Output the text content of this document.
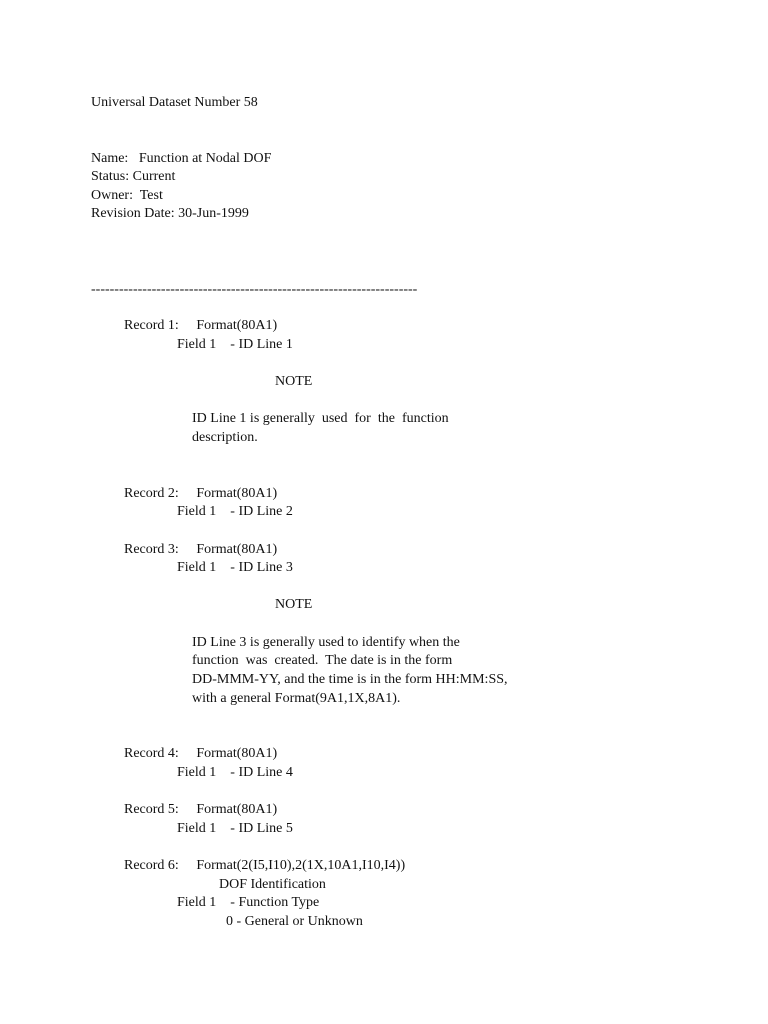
Universal Dataset Number 58
Name:   Function at Nodal DOF
Status: Current
Owner:  Test
Revision Date: 30-Jun-1999
----------------------------------------------------------------------
Record 1:     Format(80A1)
Field 1    - ID Line 1
NOTE
ID Line 1 is generally  used  for  the  function
description.
Record 2:     Format(80A1)
Field 1    - ID Line 2
Record 3:     Format(80A1)
Field 1    - ID Line 3
NOTE
ID Line 3 is generally used to identify when the
function  was  created.  The date is in the form
DD-MMM-YY, and the time is in the form HH:MM:SS,
with a general Format(9A1,1X,8A1).
Record 4:     Format(80A1)
Field 1    - ID Line 4
Record 5:     Format(80A1)
Field 1    - ID Line 5
Record 6:     Format(2(I5,I10),2(1X,10A1,I10,I4))
DOF Identification
Field 1    - Function Type
0 - General or Unknown
